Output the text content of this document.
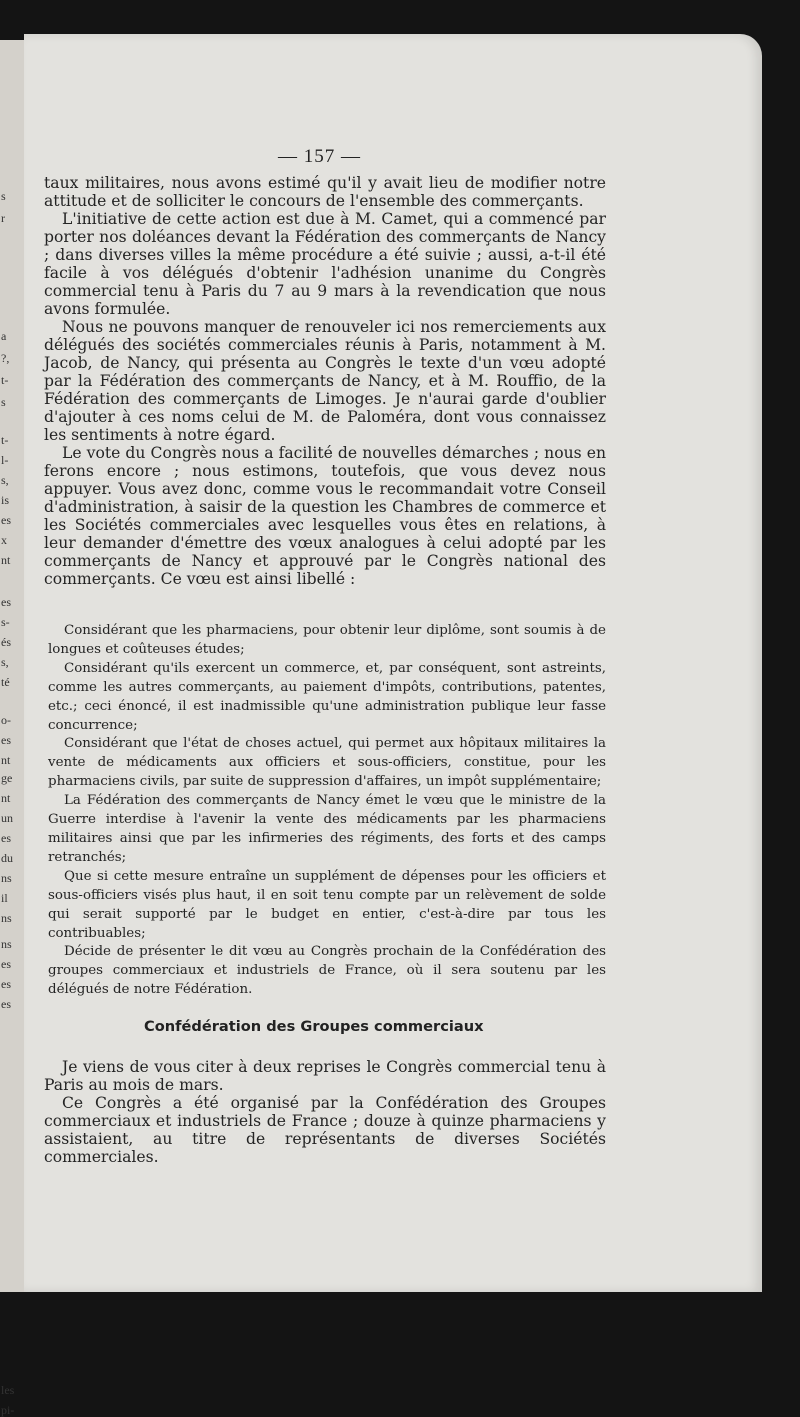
s
r
a
?,
t-
s
t-
l-
s,
is
es
x
nt
es
s-
és
s,
té
o-
es
nt
ge
nt
un
es
du
ns
il
ns
ns
es
es
es
les
pi-
— 157 —

taux militaires, nous avons estimé qu'il y avait lieu de modifier notre attitude et de solliciter le concours de l'ensemble des commerçants.

L'initiative de cette action est due à M. Camet, qui a commencé par porter nos doléances devant la Fédération des commerçants de Nancy ; dans diverses villes la même procédure a été suivie ; aussi, a-t-il été facile à vos délégués d'obtenir l'adhésion unanime du Congrès commercial tenu à Paris du 7 au 9 mars à la revendication que nous avons formulée.

Nous ne pouvons manquer de renouveler ici nos remerciements aux délégués des sociétés commerciales réunis à Paris, notamment à M. Jacob, de Nancy, qui présenta au Congrès le texte d'un vœu adopté par la Fédération des commerçants de Nancy, et à M. Rouffio, de la Fédération des commerçants de Limoges. Je n'aurai garde d'oublier d'ajouter à ces noms celui de M. de Paloméra, dont vous connaissez les sentiments à notre égard.

Le vote du Congrès nous a facilité de nouvelles démarches ; nous en ferons encore ; nous estimons, toutefois, que vous devez nous appuyer. Vous avez donc, comme vous le recommandait votre Conseil d'administration, à saisir de la question les Chambres de commerce et les Sociétés commerciales avec lesquelles vous êtes en relations, à leur demander d'émettre des vœux analogues à celui adopté par les commerçants de Nancy et approuvé par le Congrès national des commerçants. Ce vœu est ainsi libellé :

Considérant que les pharmaciens, pour obtenir leur diplôme, sont soumis à de longues et coûteuses études;

Considérant qu'ils exercent un commerce, et, par conséquent, sont astreints, comme les autres commerçants, au paiement d'impôts, contributions, patentes, etc.; ceci énoncé, il est inadmissible qu'une administration publique leur fasse concurrence;

Considérant que l'état de choses actuel, qui permet aux hôpitaux militaires la vente de médicaments aux officiers et sous-officiers, constitue, pour les pharmaciens civils, par suite de suppression d'affaires, un impôt supplémentaire;

La Fédération des commerçants de Nancy émet le vœu que le ministre de la Guerre interdise à l'avenir la vente des médicaments par les pharmaciens militaires ainsi que par les infirmeries des régiments, des forts et des camps retranchés;

Que si cette mesure entraîne un supplément de dépenses pour les officiers et sous-officiers visés plus haut, il en soit tenu compte par un relèvement de solde qui serait supporté par le budget en entier, c'est-à-dire par tous les contribuables;

Décide de présenter le dit vœu au Congrès prochain de la Confédération des groupes commerciaux et industriels de France, où il sera soutenu par les délégués de notre Fédération.

Confédération des Groupes commerciaux

Je viens de vous citer à deux reprises le Congrès commercial tenu à Paris au mois de mars.

Ce Congrès a été organisé par la Confédération des Groupes commerciaux et industriels de France ; douze à quinze pharmaciens y assistaient, au titre de représentants de diverses Sociétés commerciales.
